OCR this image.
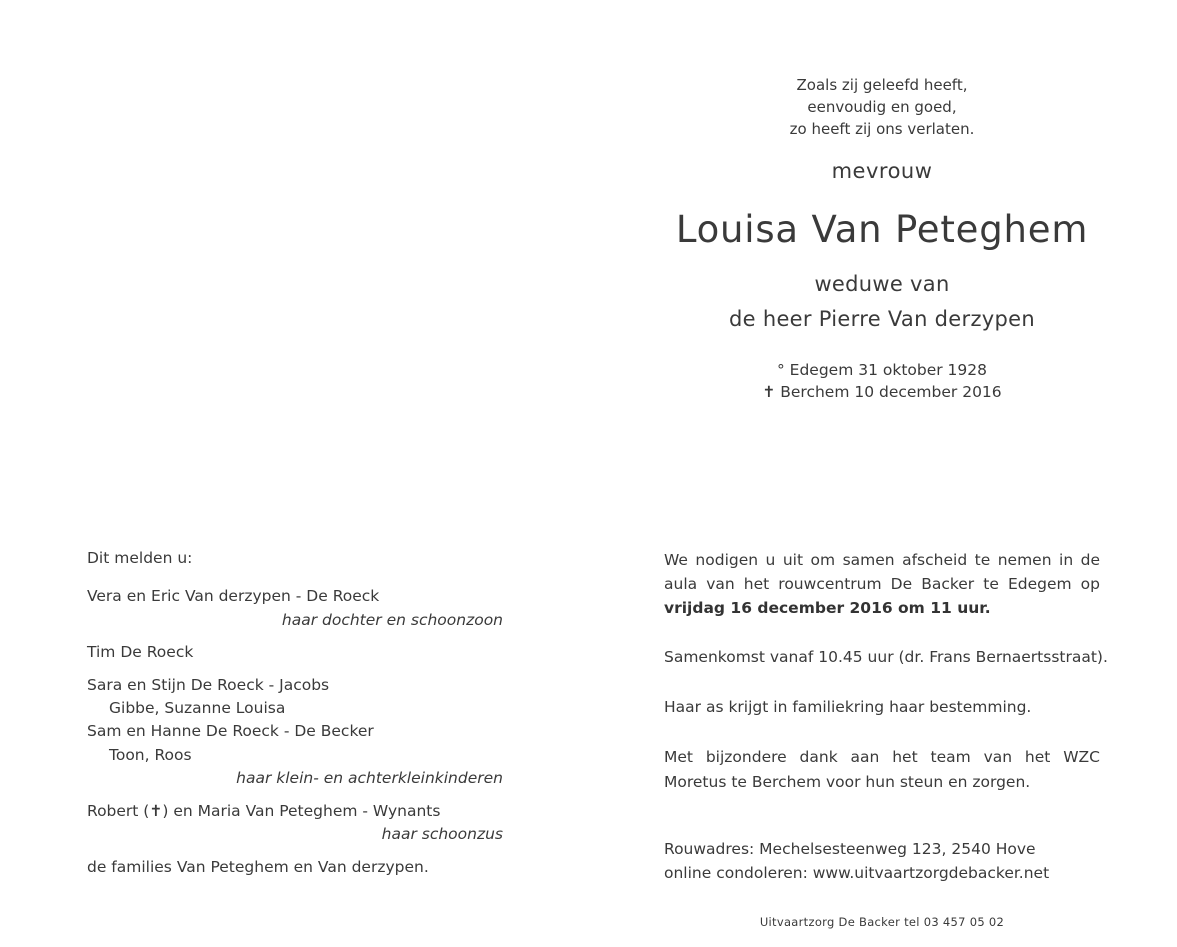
Zoals zij geleefd heeft,
eenvoudig en goed,
zo heeft zij ons verlaten.
mevrouw
Louisa Van Peteghem
weduwe van
de heer Pierre Van derzypen
° Edegem 31 oktober 1928
✝ Berchem 10 december 2016
Dit melden u:
Vera en Eric Van derzypen - De Roeck
haar dochter en schoonzoon
Tim De Roeck
Sara en Stijn De Roeck - Jacobs
Gibbe, Suzanne Louisa
Sam en Hanne De Roeck - De Becker
Toon, Roos
haar klein- en achterkleinkinderen
Robert (✝) en Maria Van Peteghem - Wynants
haar schoonzus
de families Van Peteghem en Van derzypen.
We nodigen u uit om samen afscheid te nemen in de
aula van het rouwcentrum De Backer te Edegem op
vrijdag 16 december 2016 om 11 uur.
Samenkomst vanaf 10.45 uur (dr. Frans Bernaertsstraat).
Haar as krijgt in familiekring haar bestemming.
Met bijzondere dank aan het team van het WZC
Moretus te Berchem voor hun steun en zorgen.
Rouwadres: Mechelsesteenweg 123, 2540 Hove
online condoleren: www.uitvaartzorgdebacker.net
Uitvaartzorg De Backer tel 03 457 05 02
